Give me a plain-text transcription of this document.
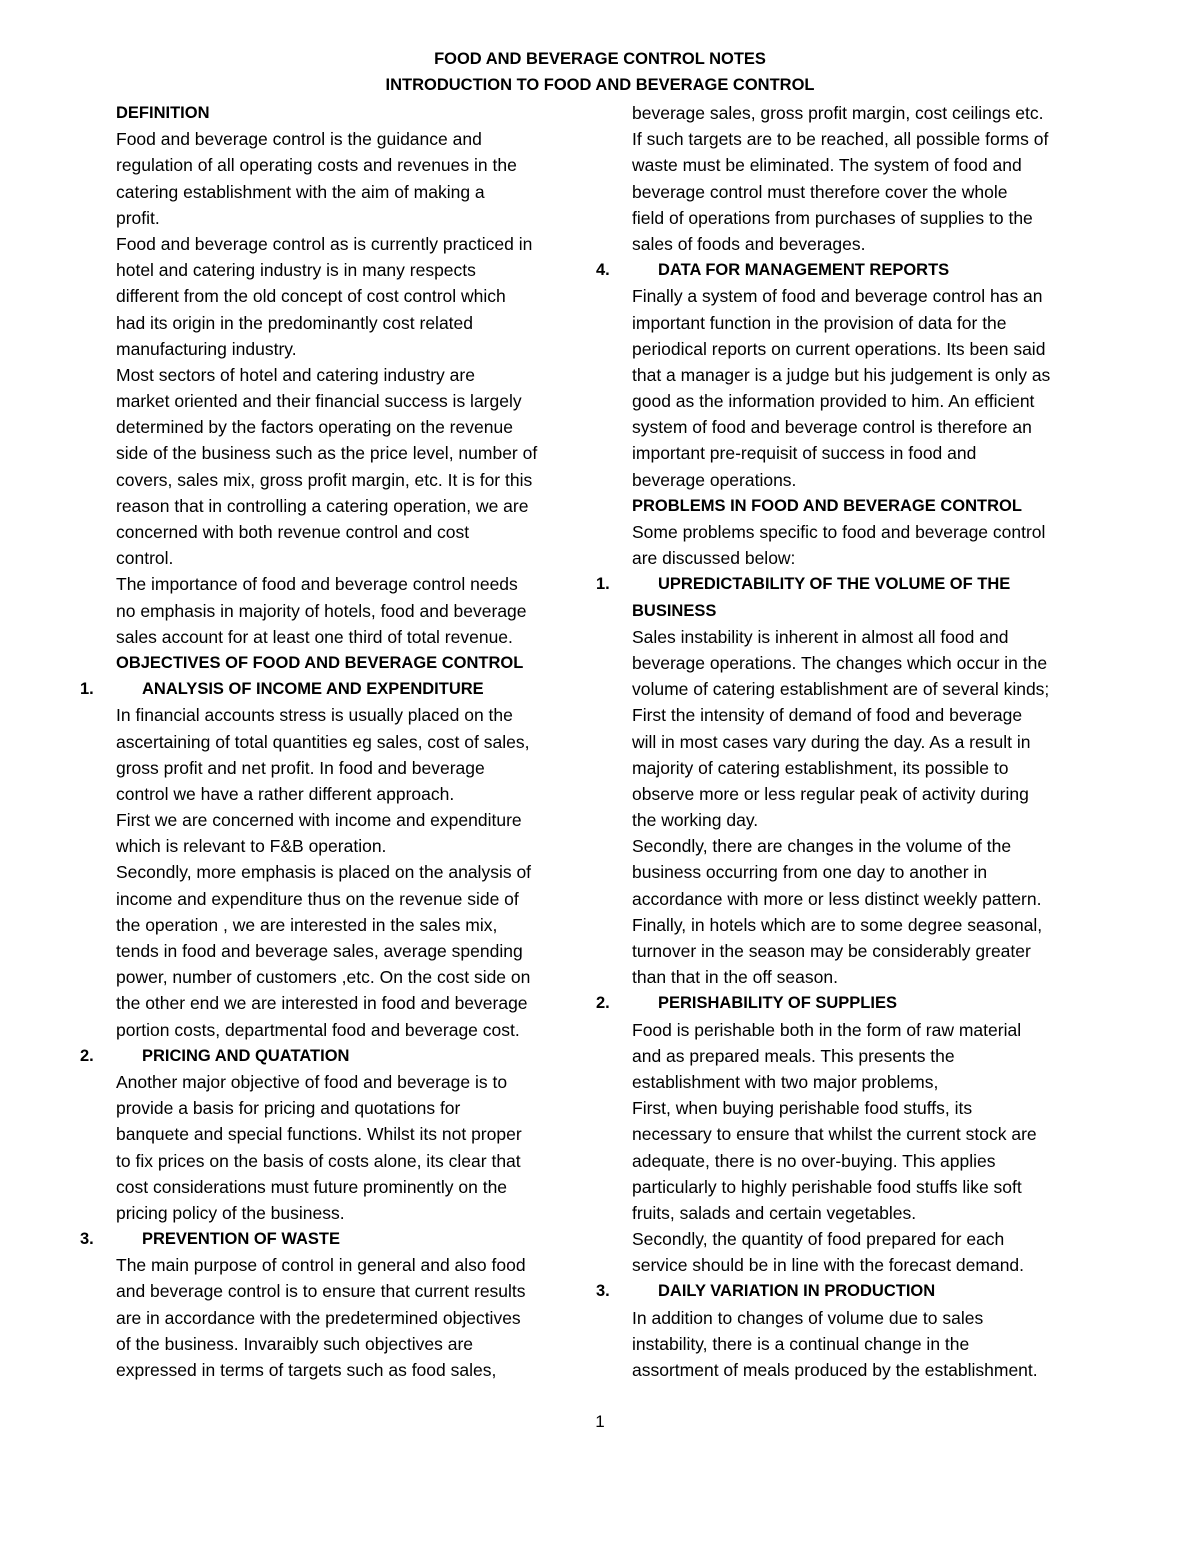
FOOD AND BEVERAGE CONTROL NOTES
INTRODUCTION TO FOOD AND BEVERAGE CONTROL
DEFINITION
Food and beverage control is the guidance and
regulation of all operating costs and revenues in the
catering establishment with the aim of making a
profit.
Food and beverage control as is currently practiced in
hotel and catering industry is in many respects
different from the old concept of cost control which
had its origin in the predominantly cost related
manufacturing industry.
Most sectors of hotel and catering industry are
market oriented and their financial success is largely
determined by the factors operating on the revenue
side of the business such as the price level, number of
covers, sales mix, gross profit margin, etc. It is for this
reason that in controlling a catering operation, we are
concerned with both revenue control and cost
control.
The importance of food and beverage control needs
no emphasis in majority of hotels, food and beverage
sales account for at least one third of total revenue.
OBJECTIVES OF FOOD AND BEVERAGE CONTROL
1.	ANALYSIS OF INCOME AND EXPENDITURE
In financial accounts stress is usually placed on the
ascertaining of total quantities eg sales, cost of sales,
gross profit and net profit. In food and beverage
control we have a rather different approach.
First we are concerned with income and expenditure
which is relevant to F&B operation.
Secondly, more emphasis is placed on the analysis of
income and expenditure thus on the revenue side of
the operation , we are interested in the sales mix,
tends in food and beverage sales, average spending
power, number of customers ,etc. On the cost side on
the other end we are interested in food and beverage
portion costs, departmental food and beverage cost.
2.	PRICING AND QUATATION
Another major objective of food and beverage is to
provide a basis for pricing and quotations for
banquete and special functions. Whilst its not proper
to fix prices on the basis of costs alone, its clear that
cost considerations must future prominently on the
pricing policy of the business.
3.	PREVENTION OF WASTE
The main purpose of control in general and also food
and beverage control is to ensure that current results
are in accordance with the predetermined objectives
of the business. Invaraibly such objectives are
expressed in terms of targets such as food sales,
beverage sales, gross profit margin, cost ceilings etc.
If such targets are to be reached, all possible forms of
waste must be eliminated. The system of food and
beverage control must therefore cover the whole
field of operations from purchases of supplies to the
sales of foods and beverages.
4.	DATA FOR MANAGEMENT REPORTS
Finally a system of food and beverage control has an
important function in the provision of data for the
periodical reports on current operations. Its been said
that a manager is a judge but his judgement is only as
good as the information provided to him. An efficient
system of food and beverage control is therefore an
important pre-requisit of success in food and
beverage operations.
PROBLEMS IN FOOD AND BEVERAGE CONTROL
Some problems specific to food and beverage control
are discussed below:
1.	UPREDICTABILITY OF THE VOLUME OF THE
BUSINESS
Sales instability is inherent in almost all food and
beverage operations. The changes which occur in the
volume of catering establishment are of several kinds;
First the intensity of demand of food and beverage
will in most cases vary during the day. As a result in
majority of catering establishment, its possible to
observe more or less regular peak of activity during
the working day.
Secondly, there are changes in the volume of the
business occurring from one day to another in
accordance with more or less distinct weekly pattern.
Finally, in hotels which are to some degree seasonal,
turnover in the season may be considerably greater
than that in the off season.
2.	PERISHABILITY OF SUPPLIES
Food is perishable both in the form of raw material
and as prepared meals. This presents the
establishment with two major problems,
First, when buying perishable food stuffs, its
necessary to ensure that whilst the current stock are
adequate, there is no over-buying. This applies
particularly to highly perishable food stuffs like soft
fruits, salads and certain vegetables.
Secondly, the quantity of food prepared for each
service should be in line with the forecast demand.
3.	DAILY VARIATION IN PRODUCTION
In addition to changes of volume due to sales
instability, there is a continual change in the
assortment of meals produced by the establishment.
1
